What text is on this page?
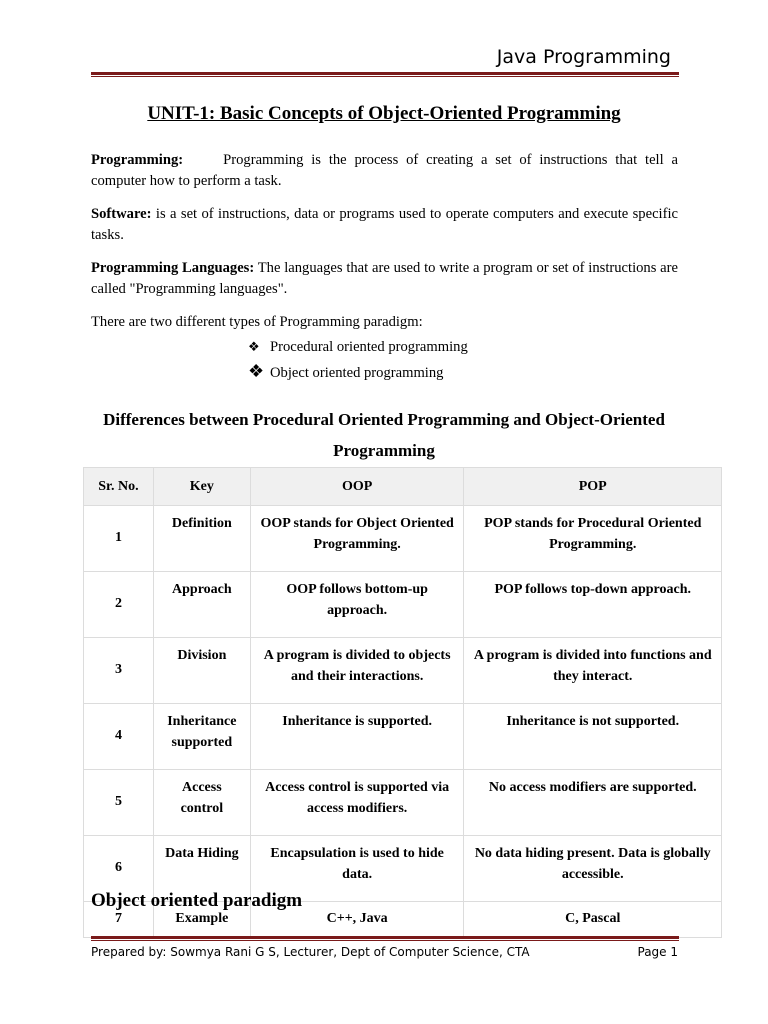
Java Programming
UNIT-1: Basic Concepts of Object-Oriented Programming

Programming:	Programming is the process of creating a set of instructions that tell a computer how to perform a task.

Software: is a set of instructions, data or programs used to operate computers and execute specific tasks.

Programming Languages: The languages that are used to write a program or set of instructions are called "Programming languages".

There are two different types of Programming paradigm:

❖ Procedural oriented programming
❖ Object oriented programming
Differences between Procedural Oriented Programming and Object-Oriented
Programming
Sr. No.	Key	OOP	POP
1	Definition	OOP stands for Object Oriented Programming.	POP stands for Procedural Oriented Programming.
2	Approach	OOP follows bottom-up approach.	POP follows top-down approach.
3	Division	A program is divided to objects and their interactions.	A program is divided into functions and they interact.
4	Inheritance supported	Inheritance is supported.	Inheritance is not supported.
5	Access control	Access control is supported via access modifiers.	No access modifiers are supported.
6	Data Hiding	Encapsulation is used to hide data.	No data hiding present. Data is globally accessible.
7	Example	C++, Java	C, Pascal
Object oriented paradigm
Prepared by: Sowmya Rani G S, Lecturer, Dept of Computer Science, CTA	Page 1
